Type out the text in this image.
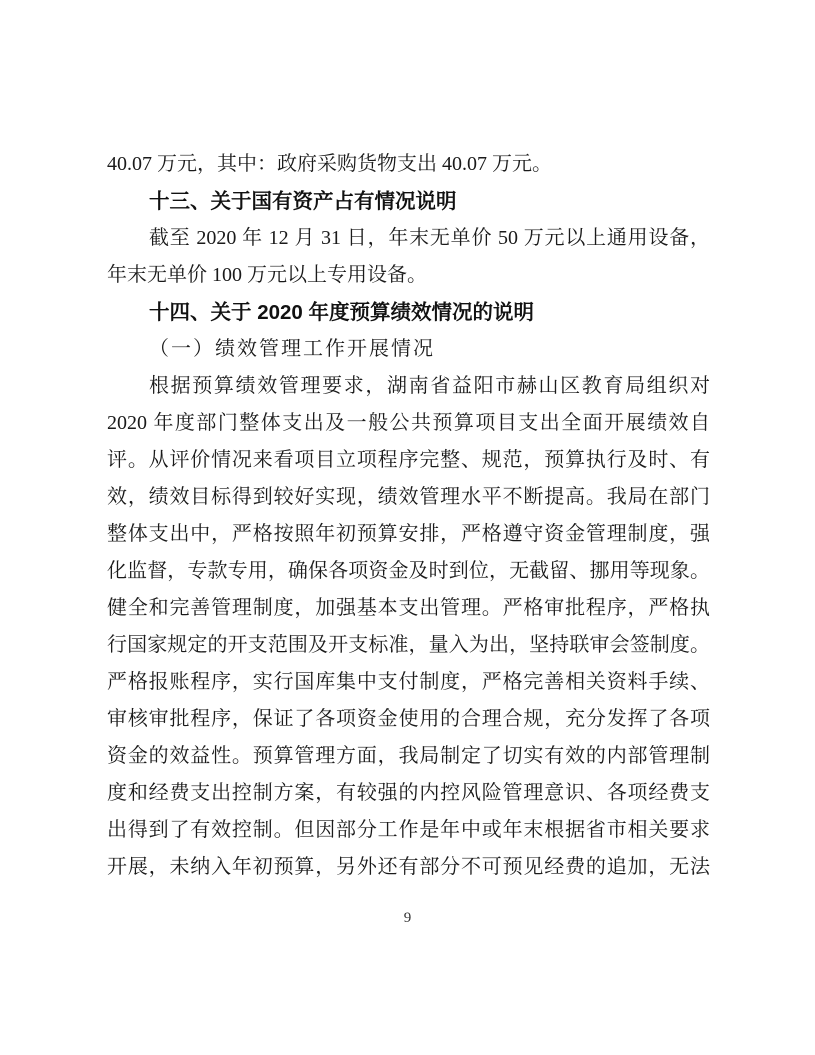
40.07 万元，其中：政府采购货物支出 40.07 万元。
十三、关于国有资产占有情况说明
截至 2020 年 12 月 31 日，年末无单价 50 万元以上通用设备，
年末无单价 100 万元以上专用设备。
十四、关于 2020 年度预算绩效情况的说明
（一）绩效管理工作开展情况
根据预算绩效管理要求，湖南省益阳市赫山区教育局组织对
2020 年度部门整体支出及一般公共预算项目支出全面开展绩效自
评。从评价情况来看项目立项程序完整、规范，预算执行及时、有
效，绩效目标得到较好实现，绩效管理水平不断提高。我局在部门
整体支出中，严格按照年初预算安排，严格遵守资金管理制度，强
化监督，专款专用，确保各项资金及时到位，无截留、挪用等现象。
健全和完善管理制度，加强基本支出管理。严格审批程序，严格执
行国家规定的开支范围及开支标准，量入为出，坚持联审会签制度。
严格报账程序，实行国库集中支付制度，严格完善相关资料手续、
审核审批程序，保证了各项资金使用的合理合规，充分发挥了各项
资金的效益性。预算管理方面，我局制定了切实有效的内部管理制
度和经费支出控制方案，有较强的内控风险管理意识、各项经费支
出得到了有效控制。但因部分工作是年中或年末根据省市相关要求
开展，未纳入年初预算，另外还有部分不可预见经费的追加，无法
9
